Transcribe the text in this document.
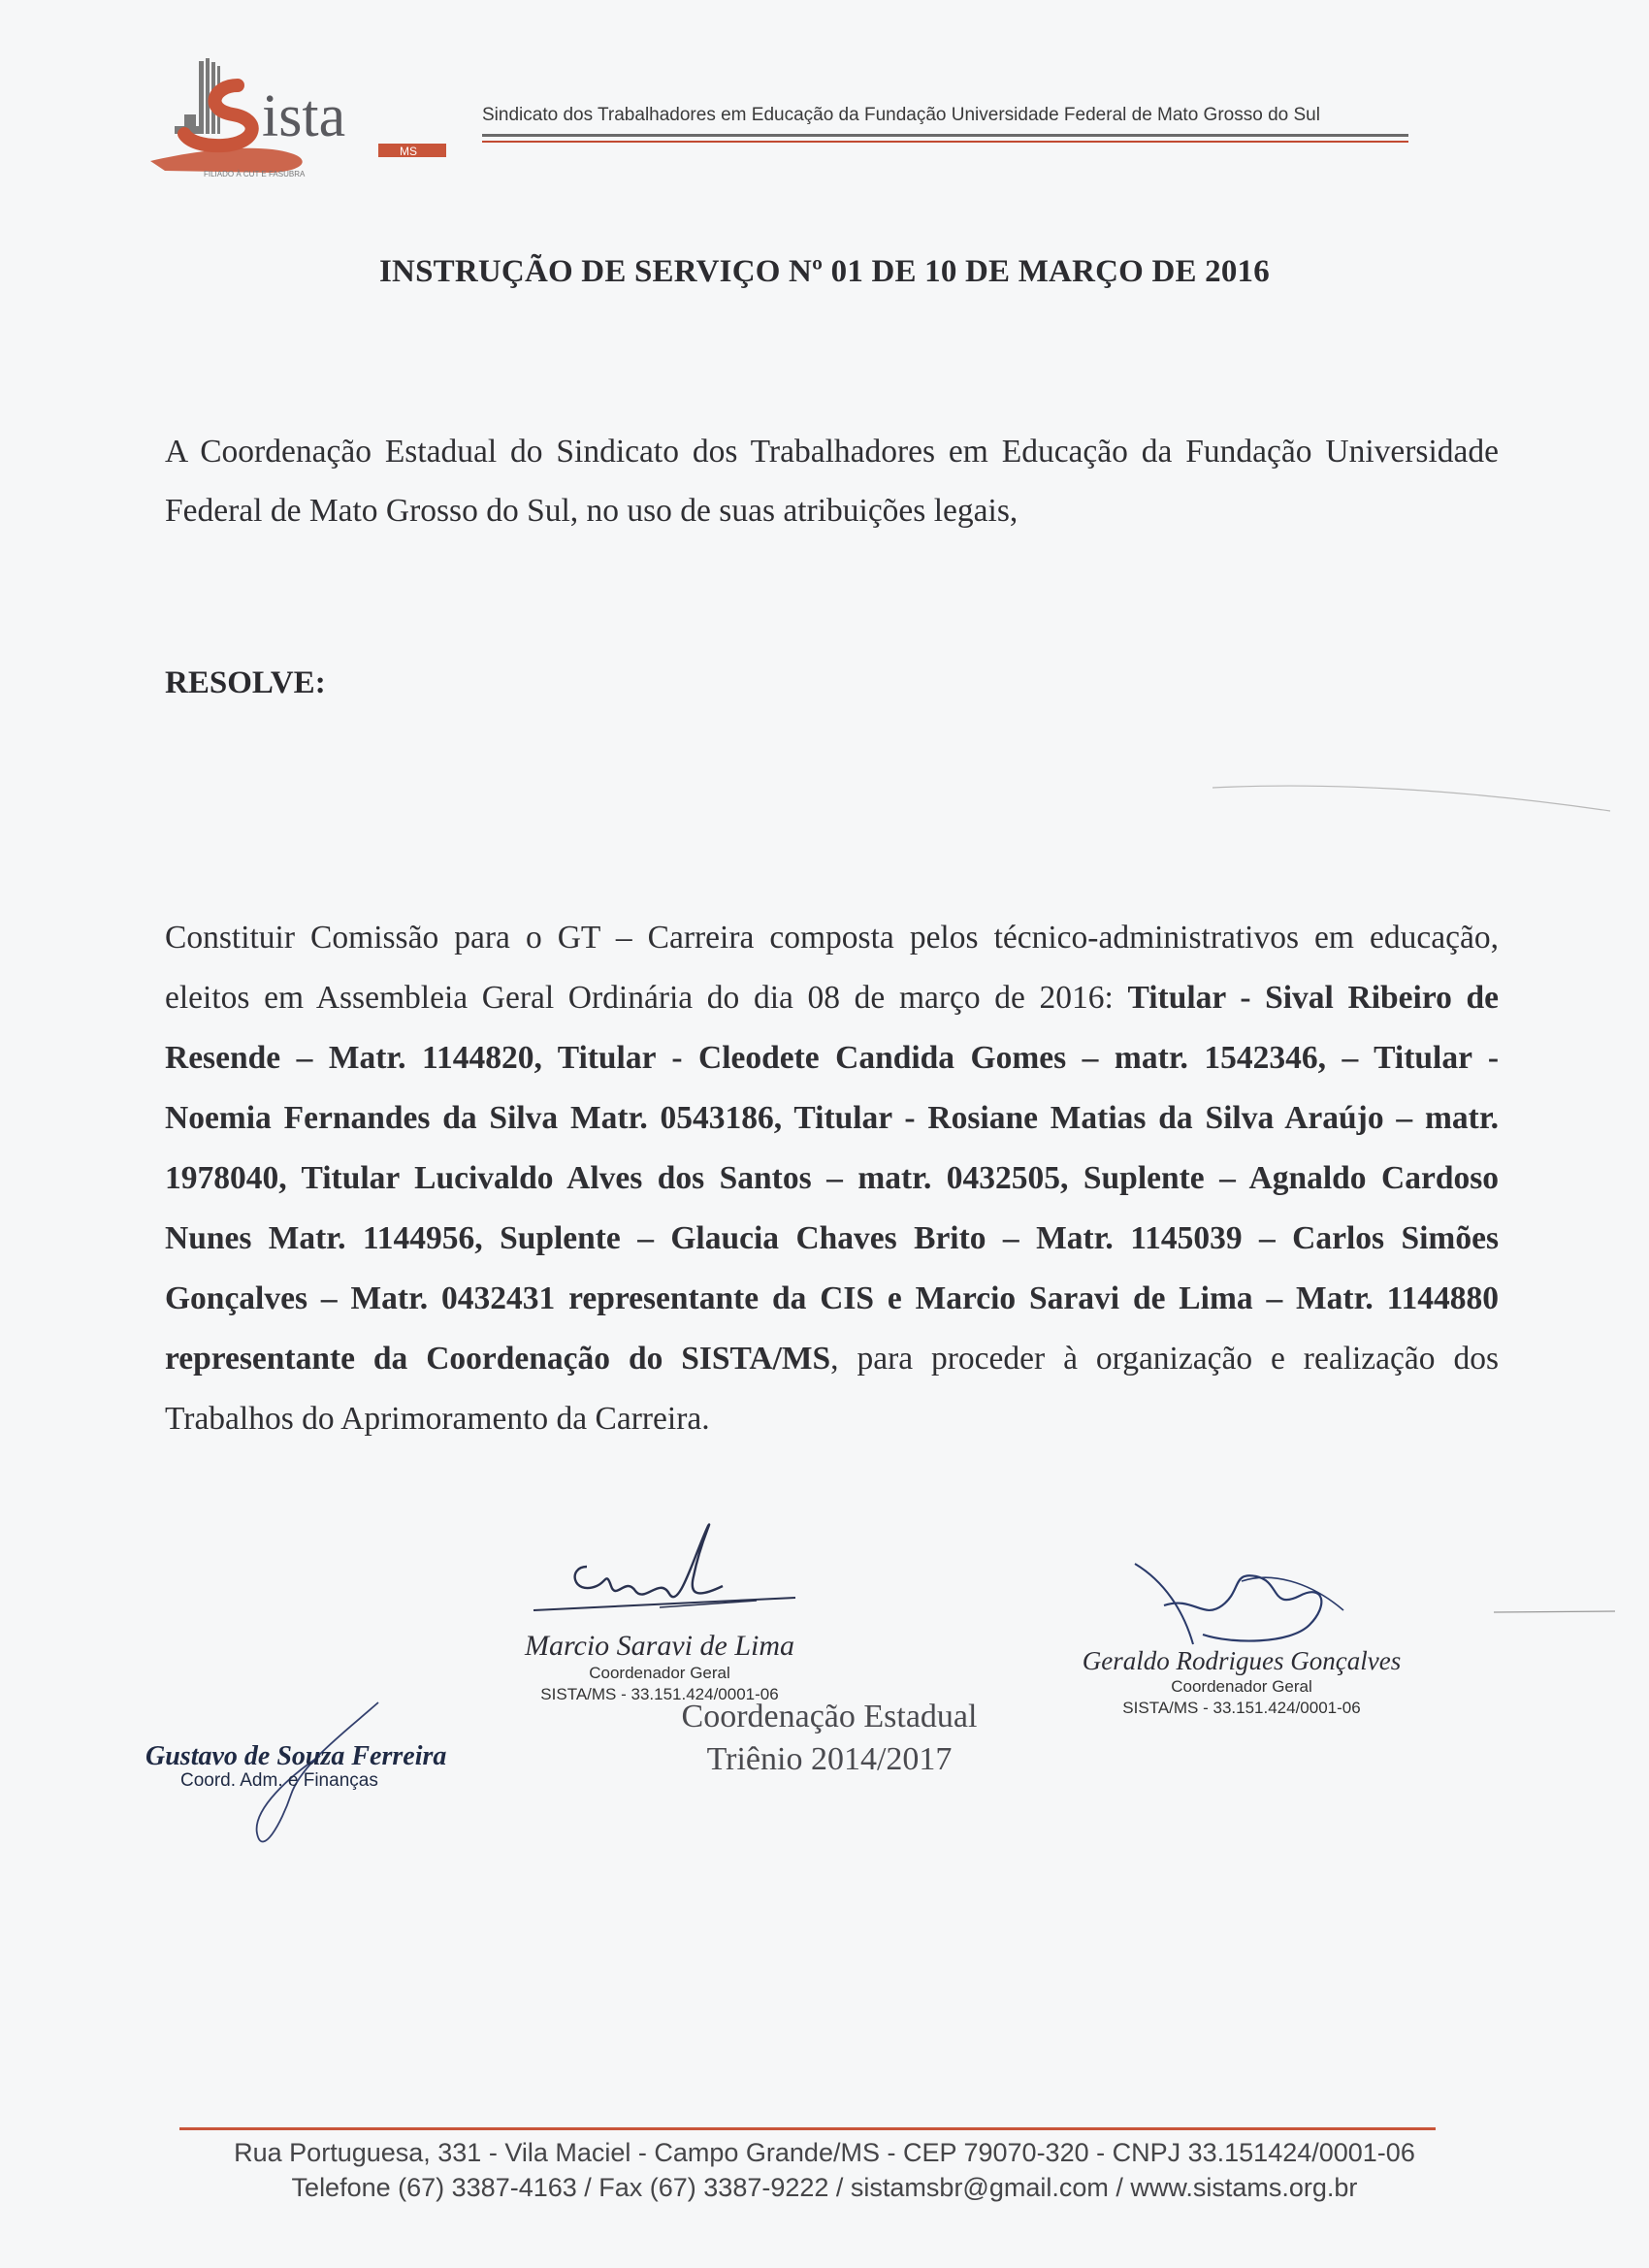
ista
MS
FILIADO À CUT E FASUBRA
Sindicato dos Trabalhadores em Educação da Fundação Universidade Federal de Mato Grosso do Sul
INSTRUÇÃO DE SERVIÇO Nº 01 DE 10 DE MARÇO DE 2016
A Coordenação Estadual do Sindicato dos Trabalhadores em Educação da Fundação Universidade Federal de Mato Grosso do Sul, no uso de suas atribuições legais,
RESOLVE:
Constituir Comissão para o GT – Carreira composta pelos técnico-administrativos em educação, eleitos em Assembleia Geral Ordinária do dia 08 de março de 2016: Titular - Sival Ribeiro de Resende – Matr. 1144820, Titular - Cleodete Candida Gomes – matr. 1542346, – Titular - Noemia Fernandes da Silva Matr. 0543186, Titular - Rosiane Matias da Silva Araújo – matr. 1978040, Titular Lucivaldo Alves dos Santos – matr. 0432505, Suplente – Agnaldo Cardoso Nunes Matr. 1144956, Suplente – Glaucia Chaves Brito – Matr. 1145039 – Carlos Simões Gonçalves – Matr. 0432431 representante da CIS e Marcio Saravi de Lima – Matr. 1144880 representante da Coordenação do SISTA/MS, para proceder à organização e realização dos Trabalhos do Aprimoramento da Carreira.
Marcio Saravi de Lima
Coordenador Geral
SISTA/MS - 33.151.424/0001-06
Coordenação Estadual
Triênio 2014/2017
Geraldo Rodrigues Gonçalves
Coordenador Geral
SISTA/MS - 33.151.424/0001-06
Gustavo de Souza Ferreira
Coord. Adm. e Finanças
Rua Portuguesa, 331 - Vila Maciel - Campo Grande/MS - CEP 79070-320 - CNPJ 33.151424/0001-06
Telefone (67) 3387-4163 / Fax (67) 3387-9222 / sistamsbr@gmail.com / www.sistams.org.br
